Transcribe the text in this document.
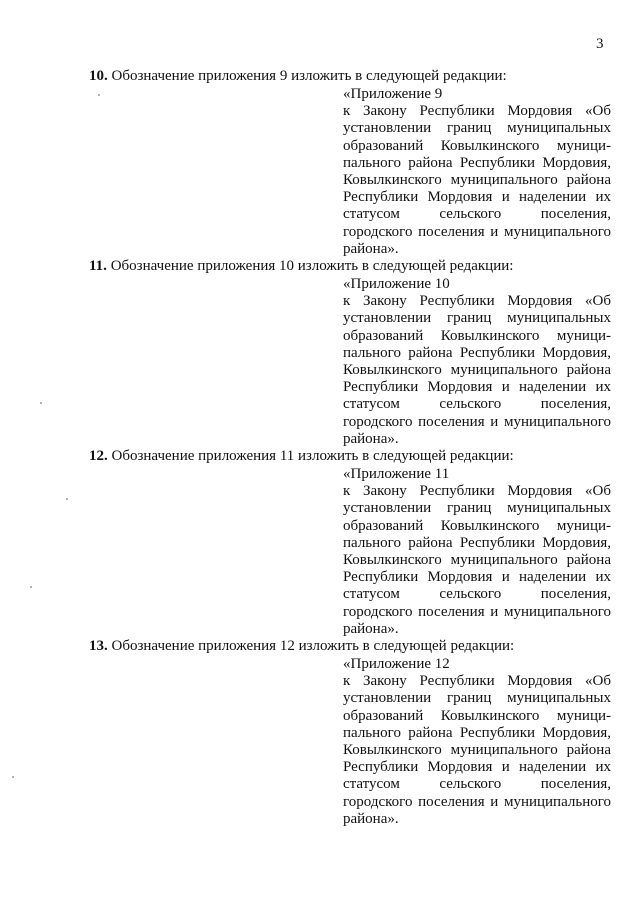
3
10. Обозначение приложения 9 изложить в следующей редакции:
«Приложение 9
к Закону Республики Мордовия «Об
установлении границ муниципальных
образований Ковылкинского муници-
пального района Республики Мордовия,
Ковылкинского муниципального района
Республики Мордовия и наделении их
статусом сельского поселения,
городского поселения и муниципального
района».
11. Обозначение приложения 10 изложить в следующей редакции:
«Приложение 10
к Закону Республики Мордовия «Об
установлении границ муниципальных
образований Ковылкинского муници-
пального района Республики Мордовия,
Ковылкинского муниципального района
Республики Мордовия и наделении их
статусом сельского поселения,
городского поселения и муниципального
района».
12. Обозначение приложения 11 изложить в следующей редакции:
«Приложение 11
к Закону Республики Мордовия «Об
установлении границ муниципальных
образований Ковылкинского муници-
пального района Республики Мордовия,
Ковылкинского муниципального района
Республики Мордовия и наделении их
статусом сельского поселения,
городского поселения и муниципального
района».
13. Обозначение приложения 12 изложить в следующей редакции:
«Приложение 12
к Закону Республики Мордовия «Об
установлении границ муниципальных
образований Ковылкинского муници-
пального района Республики Мордовия,
Ковылкинского муниципального района
Республики Мордовия и наделении их
статусом сельского поселения,
городского поселения и муниципального
района».
